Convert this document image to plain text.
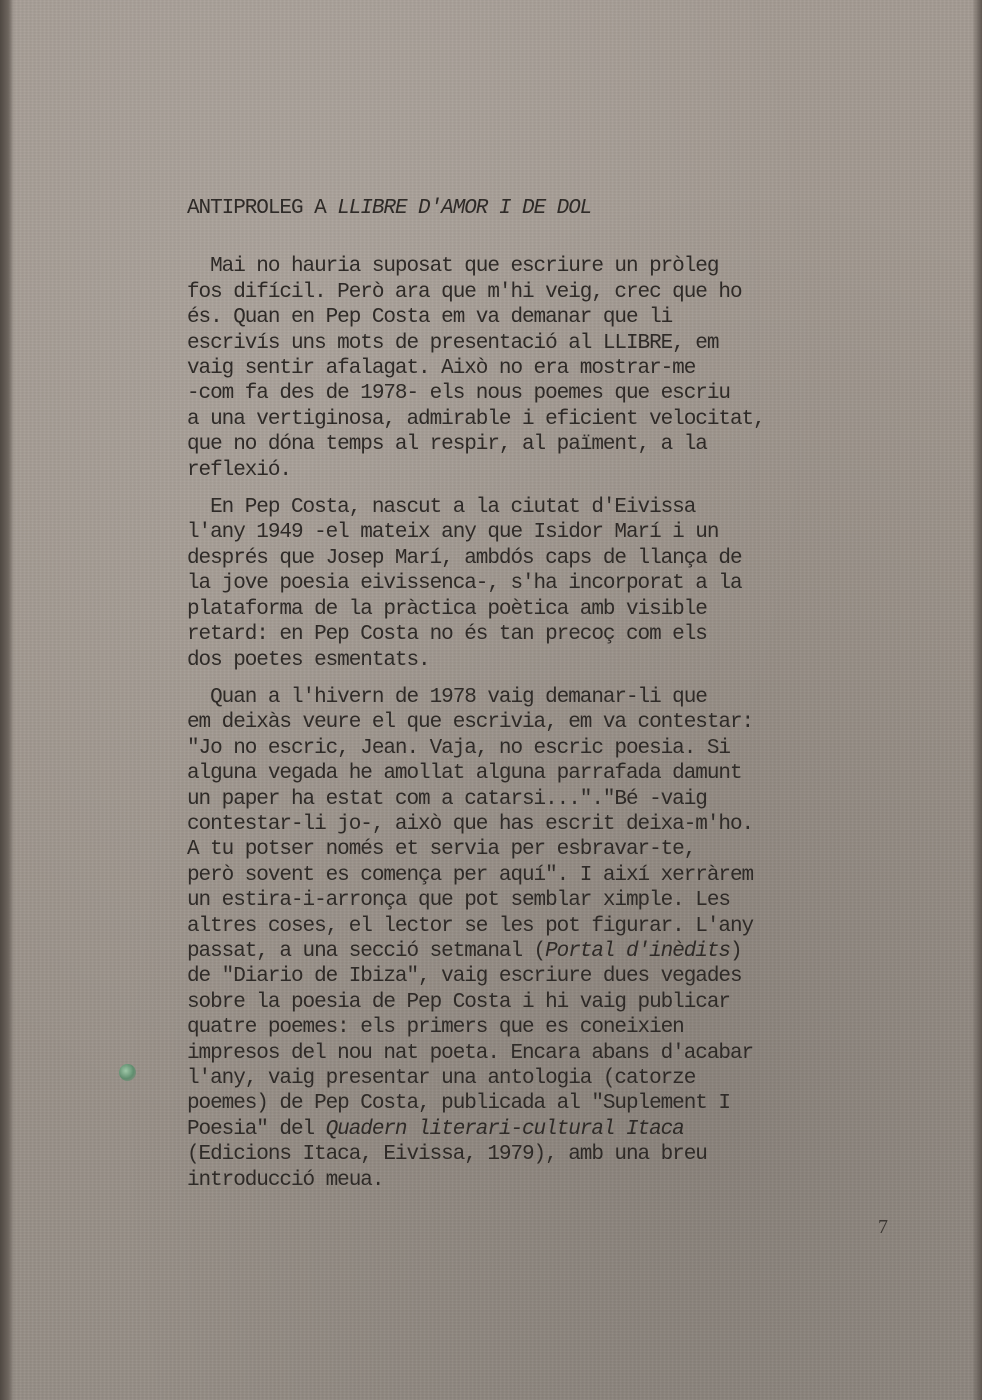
ANTIPROLEG A LLIBRE D'AMOR I DE DOL
Mai no hauria suposat que escriure un pròleg
fos difícil. Però ara que m'hi veig, crec que ho
és. Quan en Pep Costa em va demanar que li
escrivís uns mots de presentació al LLIBRE, em
vaig sentir afalagat. Això no era mostrar-me
-com fa des de 1978- els nous poemes que escriu
a una vertiginosa, admirable i eficient velocitat,
que no dóna temps al respir, al païment, a la
reflexió.
En Pep Costa, nascut a la ciutat d'Eivissa
l'any 1949 -el mateix any que Isidor Marí i un
després que Josep Marí, ambdós caps de llança de
la jove poesia eivissenca-, s'ha incorporat a la
plataforma de la pràctica poètica amb visible
retard: en Pep Costa no és tan precoç com els
dos poetes esmentats.
Quan a l'hivern de 1978 vaig demanar-li que
em deixàs veure el que escrivia, em va contestar:
"Jo no escric, Jean. Vaja, no escric poesia. Si
alguna vegada he amollat alguna parrafada damunt
un paper ha estat com a catarsi..."."Bé -vaig
contestar-li jo-, això que has escrit deixa-m'ho.
A tu potser només et servia per esbravar-te,
però sovent es comença per aquí". I així xerràrem
un estira-i-arronça que pot semblar ximple. Les
altres coses, el lector se les pot figurar. L'any
passat, a una secció setmanal (Portal d'inèdits)
de "Diario de Ibiza", vaig escriure dues vegades
sobre la poesia de Pep Costa i hi vaig publicar
quatre poemes: els primers que es coneixien
impresos del nou nat poeta. Encara abans d'acabar
l'any, vaig presentar una antologia (catorze
poemes) de Pep Costa, publicada al "Suplement I
Poesia" del Quadern literari-cultural Itaca
(Edicions Itaca, Eivissa, 1979), amb una breu
introducció meua.
7
